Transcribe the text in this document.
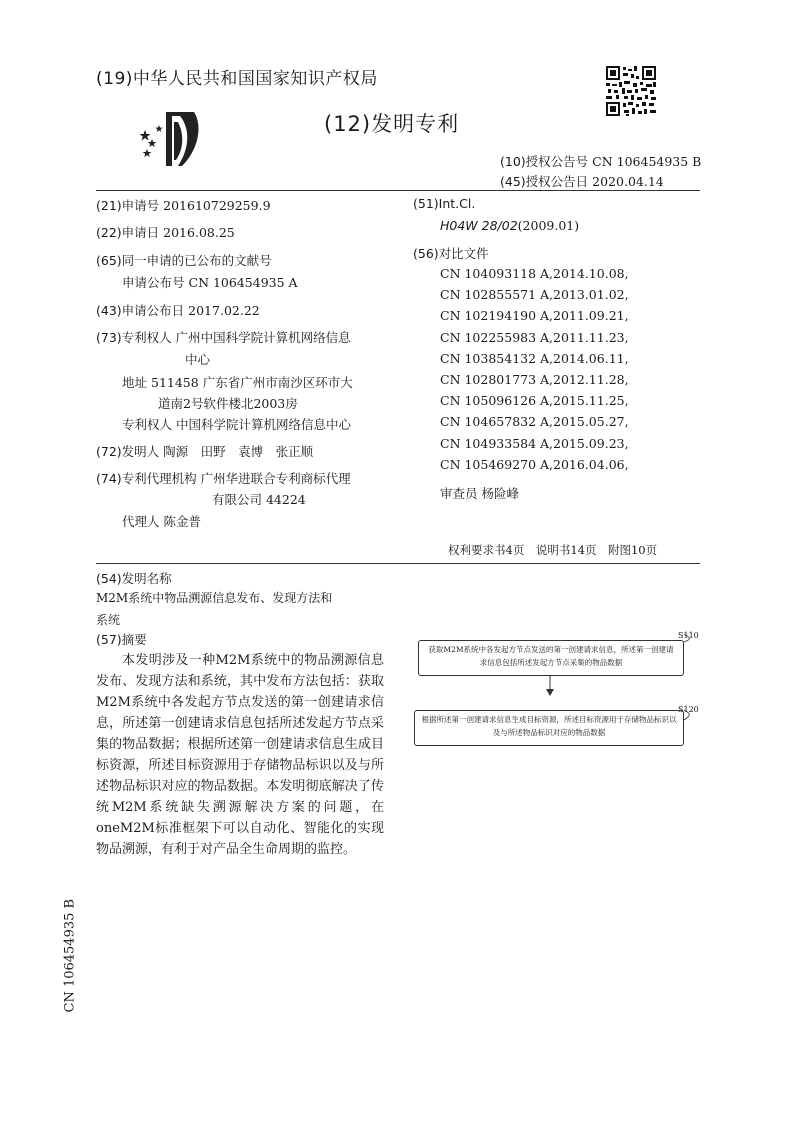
(19)中华人民共和国国家知识产权局
(12)发明专利
(10)授权公告号 CN 106454935 B
(45)授权公告日 2020.04.14
(21)申请号 201610729259.9
(22)申请日 2016.08.25
(65)同一申请的已公布的文献号
申请公布号 CN 106454935 A
(43)申请公布日 2017.02.22
(73)专利权人 广州中国科学院计算机网络信息
中心
地址 511458 广东省广州市南沙区环市大
道南2号软件楼北2003房
专利权人 中国科学院计算机网络信息中心
(72)发明人 陶源　田野　袁博　张正顺
(74)专利代理机构 广州华进联合专利商标代理
有限公司 44224
代理人 陈金普
(51)Int.Cl.
H04W 28/02(2009.01)
(56)对比文件
CN 104093118 A,2014.10.08,
CN 102855571 A,2013.01.02,
CN 102194190 A,2011.09.21,
CN 102255983 A,2011.11.23,
CN 103854132 A,2014.06.11,
CN 102801773 A,2012.11.28,
CN 105096126 A,2015.11.25,
CN 104657832 A,2015.05.27,
CN 104933584 A,2015.09.23,
CN 105469270 A,2016.04.06,
审查员 杨险峰
权利要求书4页　说明书14页　附图10页
(54)发明名称
M2M系统中物品溯源信息发布、发现方法和
系统
(57)摘要
本发明涉及一种M2M系统中的物品溯源信息发布、发现方法和系统，其中发布方法包括：获取M2M系统中各发起方节点发送的第一创建请求信息，所述第一创建请求信息包括所述发起方节点采集的物品数据；根据所述第一创建请求信息生成目标资源，所述目标资源用于存储物品标识以及与所述物品标识对应的物品数据。本发明彻底解决了传统M2M系统缺失溯源解决方案的问题，在oneM2M标准框架下可以自动化、智能化的实现物品溯源，有利于对产品全生命周期的监控。
获取M2M系统中各发起方节点发送的第一创建请求信息，所述第一创建请求信息包括所述发起方节点采集的物品数据
S110
根据所述第一创建请求信息生成目标资源，所述目标资源用于存储物品标识以及与所述物品标识对应的物品数据
S120
CN 106454935 B
